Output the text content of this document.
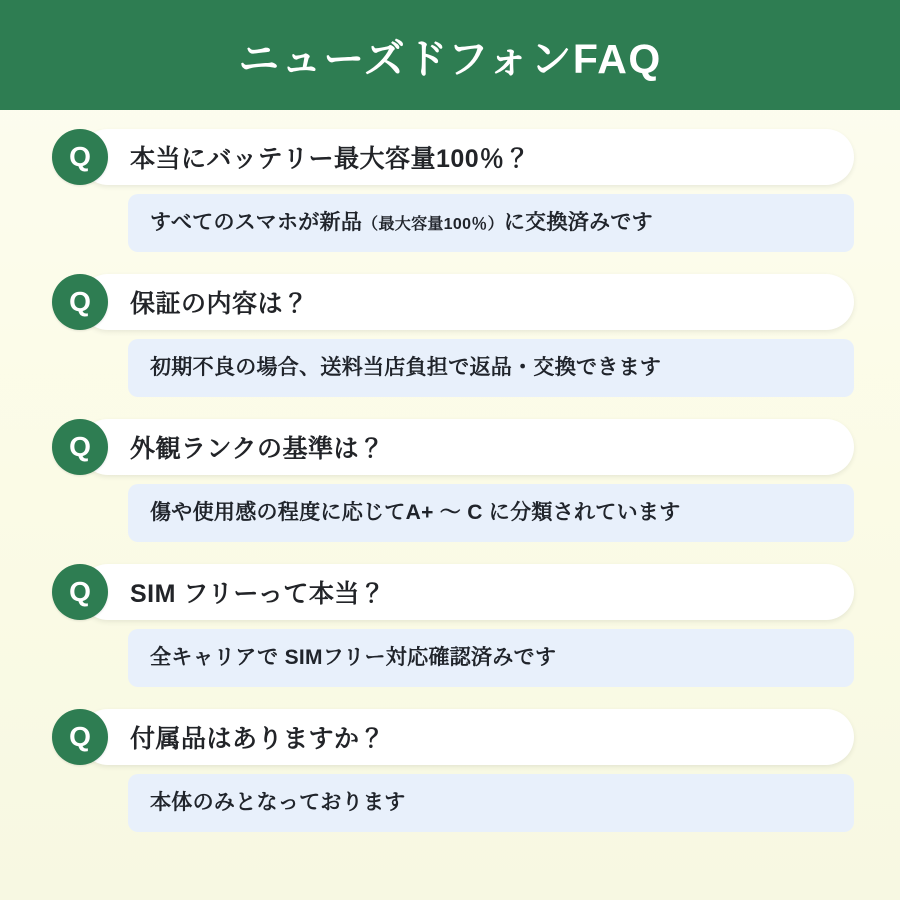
ニューズドフォンFAQ
Q	本当にバッテリー最大容量100％？
すべてのスマホが新品（最大容量100％）に交換済みです
Q	保証の内容は？
初期不良の場合、送料当店負担で返品・交換できます
Q	外観ランクの基準は？
傷や使用感の程度に応じてA+ 〜 C に分類されています
Q	SIM フリーって本当？
全キャリアで SIMフリー対応確認済みです
Q	付属品はありますか？
本体のみとなっております
